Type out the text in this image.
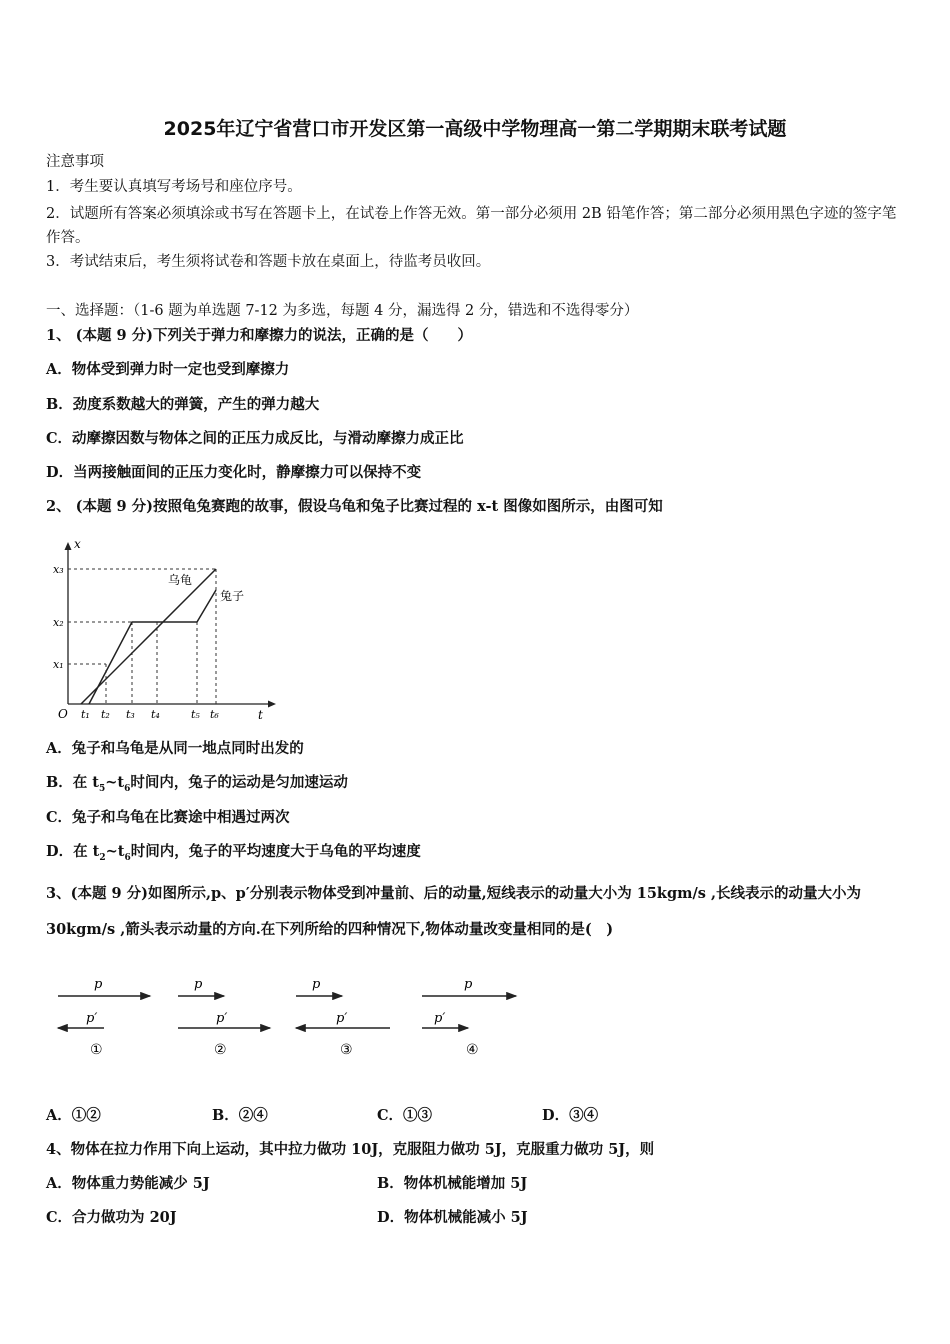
2025年辽宁省营口市开发区第一高级中学物理高一第二学期期末联考试题
注意事项
1．考生要认真填写考场号和座位序号。
2．试题所有答案必须填涂或书写在答题卡上，在试卷上作答无效。第一部分必须用 2B 铅笔作答；第二部分必须用黑色字迹的签字笔作答。
3．考试结束后，考生须将试卷和答题卡放在桌面上，待监考员收回。
一、选择题：（1-6 题为单选题 7-12 为多选，每题 4 分，漏选得 2 分，错选和不选得零分）
1、 (本题 9 分)下列关于弹力和摩擦力的说法，正确的是（　　）
A．物体受到弹力时一定也受到摩擦力
B．劲度系数越大的弹簧，产生的弹力越大
C．动摩擦因数与物体之间的正压力成反比，与滑动摩擦力成正比
D．当两接触面间的正压力变化时，静摩擦力可以保持不变
2、 (本题 9 分)按照龟兔赛跑的故事，假设乌龟和兔子比赛过程的 x-t 图像如图所示，由图可知
x
t
O
x₃
x₂
x₁
t₁ t₂ t₃ t₄	t₅ t₆
乌龟
兔子
A．兔子和乌龟是从同一地点同时出发的
B．在 $t_5\sim t_6$时间内，兔子的运动是匀加速运动
C．兔子和乌龟在比赛途中相遇过两次
D．在 $t_2\sim t_6$时间内，兔子的平均速度大于乌龟的平均速度
3、(本题 9 分)如图所示,p、p′分别表示物体受到冲量前、后的动量,短线表示的动量大小为 15kgm/s ,长线表示的动量大小为 30kgm/s ,箭头表示动量的方向.在下列所给的四种情况下,物体动量改变量相同的是(　)
p
p′
p
p′
p
p′
p
p′
①	②	③	④
A．①②	B．②④	C．①③	D．③④
4、物体在拉力作用下向上运动，其中拉力做功 10J，克服阻力做功 5J，克服重力做功 5J，则
A．物体重力势能减少 5J	B．物体机械能增加 5J
C．合力做功为 20J	D．物体机械能减小 5J
